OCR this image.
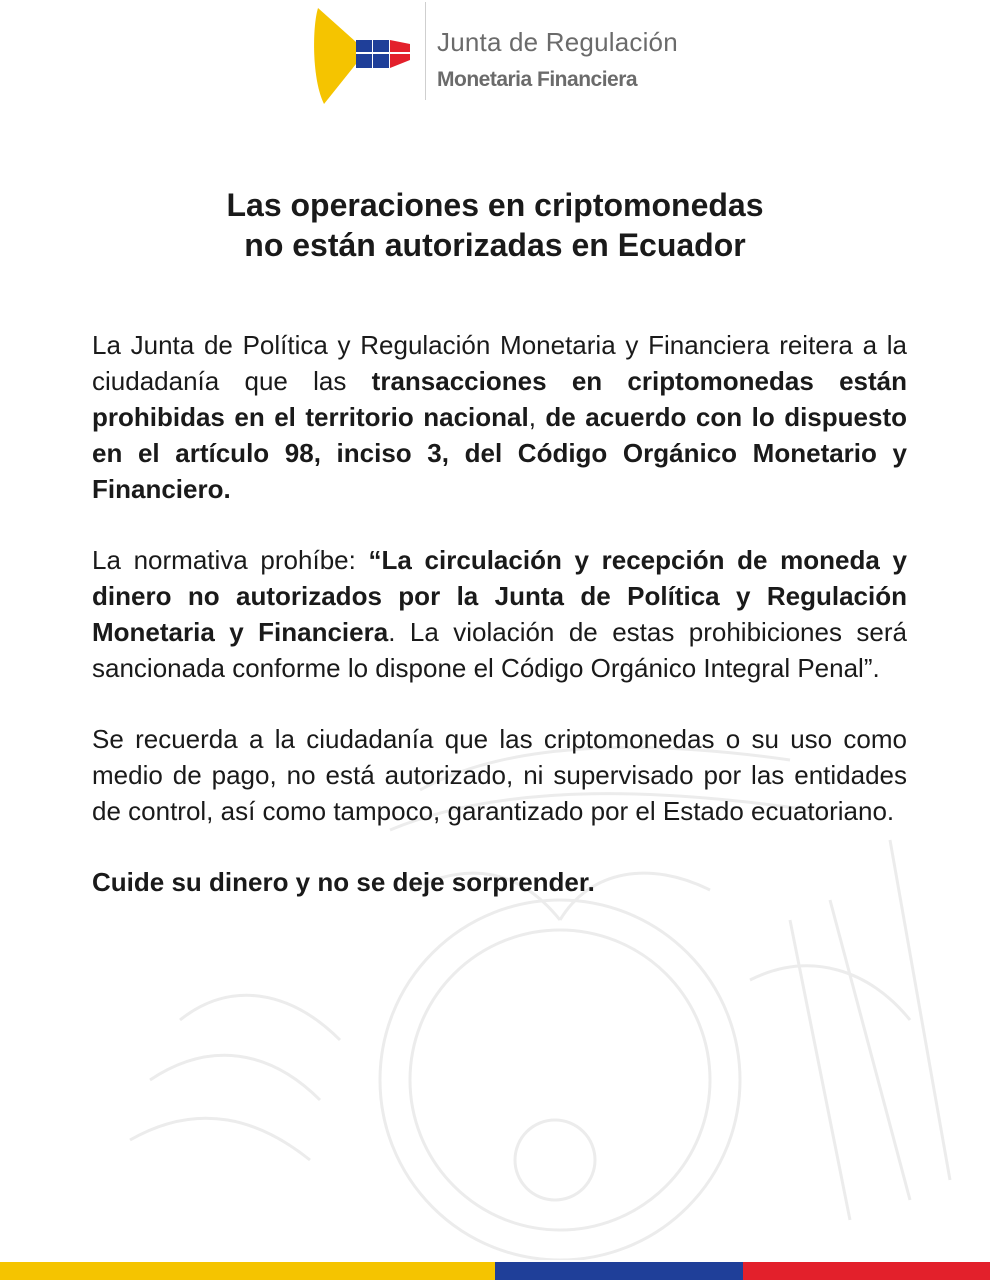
Junta de Regulación
Monetaria Financiera
Las operaciones en criptomonedas
no están autorizadas en Ecuador

La Junta de Política y Regulación Monetaria y Financiera reitera a la ciudadanía que las transacciones en criptomonedas están prohibidas en el territorio nacional, de acuerdo con lo dispuesto en el artículo 98, inciso 3, del Código Orgánico Monetario y Financiero.

La normativa prohíbe: “La circulación y recepción de moneda y dinero no autorizados por la Junta de Política y Regulación Monetaria y Financiera. La violación de estas prohibiciones será sancionada conforme lo dispone el Código Orgánico Integral Penal”.

Se recuerda a la ciudadanía que las criptomonedas o su uso como medio de pago, no está autorizado, ni supervisado por las entidades de control, así como tampoco, garantizado por el Estado ecuatoriano.

Cuide su dinero y no se deje sorprender.
